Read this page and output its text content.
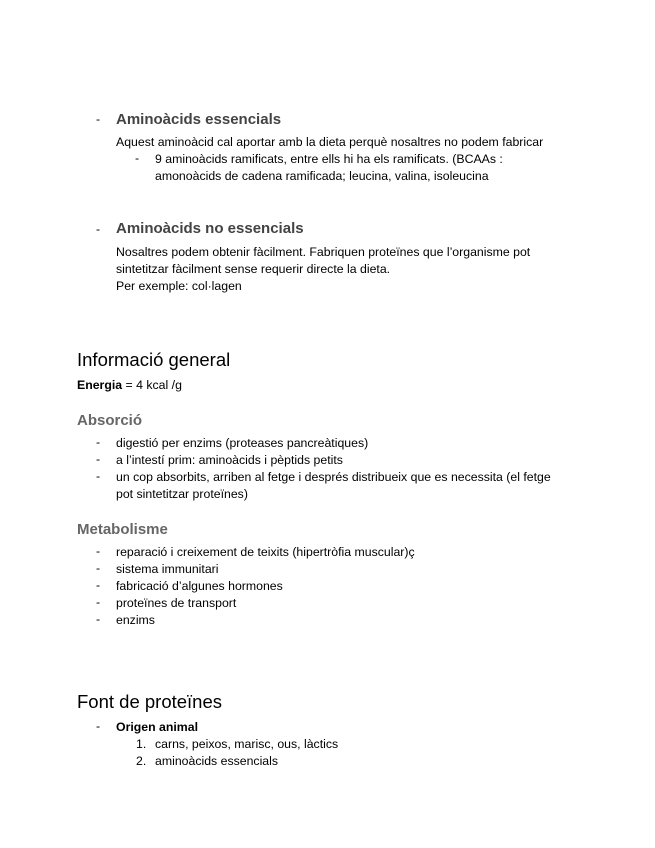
- Aminoàcids essencials
Aquest aminoàcid cal aportar amb la dieta perquè nosaltres no podem fabricar
- 9 aminoàcids ramificats, entre ells hi ha els ramificats. (BCAAs :
amonoàcids de cadena ramificada; leucina, valina, isoleucina
- Aminoàcids no essencials
Nosaltres podem obtenir fàcilment. Fabriquen proteïnes que l’organisme pot
sintetitzar fàcilment sense requerir directe la dieta.
Per exemple: col·lagen
Informació general
Energia = 4 kcal /g
Absorció
- digestió per enzims (proteases pancreàtiques)
- a l’intestí prim: aminoàcids i pèptids petits
- un cop absorbits, arriben al fetge i després distribueix que es necessita (el fetge
pot sintetitzar proteïnes)
Metabolisme
- reparació i creixement de teixits (hipertròfia muscular)ç
- sistema immunitari
- fabricació d’algunes hormones
- proteïnes de transport
- enzims
Font de proteïnes
- Origen animal
1. carns, peixos, marisc, ous, làctics
2. aminoàcids essencials
